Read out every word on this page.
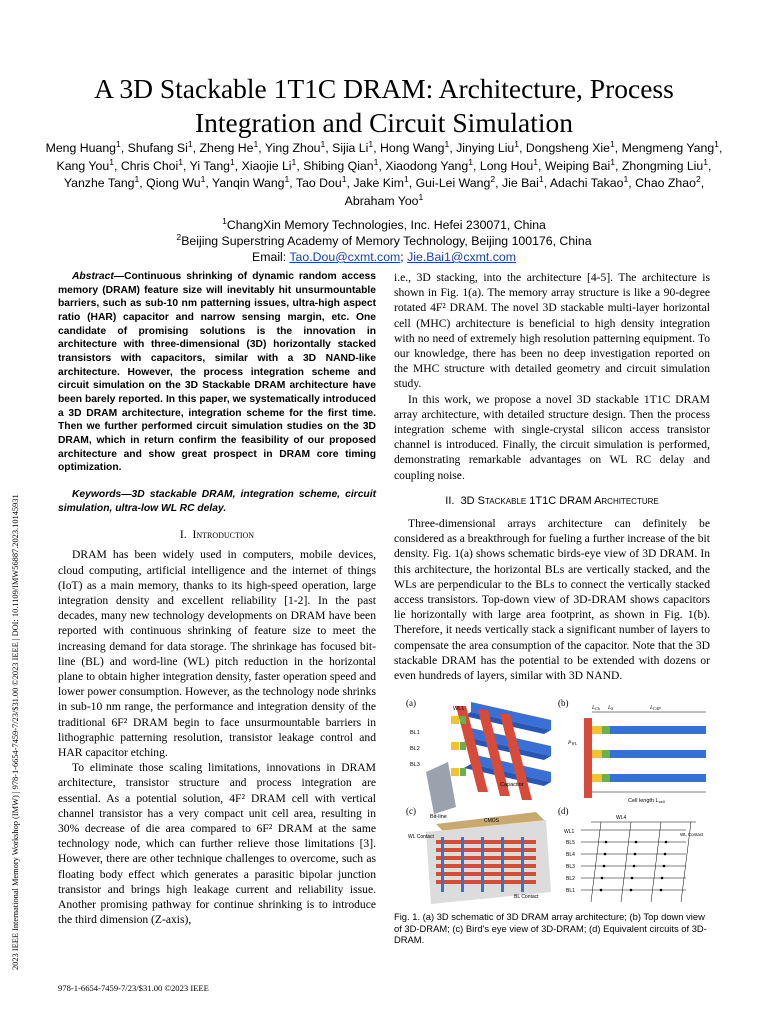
2023 IEEE International Memory Workshop (IMW) | 978-1-6654-7459-7/23/$31.00 ©2023 IEEE | DOI: 10.1109/IMW56887.2023.10145931
A 3D Stackable 1T1C DRAM: Architecture, Process Integration and Circuit Simulation
Meng Huang$^1$, Shufang Si$^1$, Zheng He$^1$, Ying Zhou$^1$, Sijia Li$^1$, Hong Wang$^1$, Jinying Liu$^1$, Dongsheng Xie$^1$, Mengmeng Yang$^1$, Kang You$^1$, Chris Choi$^1$, Yi Tang$^1$, Xiaojie Li$^1$, Shibing Qian$^1$, Xiaodong Yang$^1$, Long Hou$^1$, Weiping Bai$^1$, Zhongming Liu$^1$, Yanzhe Tang$^1$, Qiong Wu$^1$, Yanqin Wang$^1$, Tao Dou$^1$, Jake Kim$^1$, Gui-Lei Wang$^2$, Jie Bai$^1$, Adachi Takao$^1$, Chao Zhao$^2$, Abraham Yoo$^1$
$^1$ChangXin Memory Technologies, Inc. Hefei 230071, China
$^2$Beijing Superstring Academy of Memory Technology, Beijing 100176, China
Email: Tao.Dou@cxmt.com; Jie.Bai1@cxmt.com

Abstract—Continuous shrinking of dynamic random access memory (DRAM) feature size will inevitably hit unsurmountable barriers, such as sub-10 nm patterning issues, ultra-high aspect ratio (HAR) capacitor and narrow sensing margin, etc. One candidate of promising solutions is the innovation in architecture with three-dimensional (3D) horizontally stacked transistors with capacitors, similar with a 3D NAND-like architecture. However, the process integration scheme and circuit simulation on the 3D Stackable DRAM architecture have been barely reported. In this paper, we systematically introduced a 3D DRAM architecture, integration scheme for the first time. Then we further performed circuit simulation studies on the 3D DRAM, which in return confirm the feasibility of our proposed architecture and show great prospect in DRAM core timing optimization.

Keywords—3D stackable DRAM, integration scheme, circuit simulation, ultra-low WL RC delay.

I. Introduction

DRAM has been widely used in computers, mobile devices, cloud computing, artificial intelligence and the internet of things (IoT) as a main memory, thanks to its high-speed operation, large integration density and excellent reliability [1-2]. In the past decades, many new technology developments on DRAM have been reported with continuous shrinking of feature size to meet the increasing demand for data storage. The shrinkage has focused bit-line (BL) and word-line (WL) pitch reduction in the horizontal plane to obtain higher integration density, faster operation speed and lower power consumption. However, as the technology node shrinks in sub-10 nm range, the performance and integration density of the traditional 6F² DRAM begin to face unsurmountable barriers in lithographic patterning resolution, transistor leakage control and HAR capacitor etching.

To eliminate those scaling limitations, innovations in DRAM architecture, transistor structure and process integration are essential. As a potential solution, 4F² DRAM cell with vertical channel transistor has a very compact unit cell area, resulting in 30% decrease of die area compared to 6F² DRAM at the same technology node, which can further relieve those limitations [3]. However, there are other technique challenges to overcome, such as floating body effect which generates a parasitic bipolar junction transistor and brings high leakage current and reliability issue. Another promising pathway for continue shrinking is to introduce the third dimension (Z-axis),

i.e., 3D stacking, into the architecture [4-5]. The architecture is shown in Fig. 1(a). The memory array structure is like a 90-degree rotated 4F² DRAM. The novel 3D stackable multi-layer horizontal cell (MHC) architecture is beneficial to high density integration with no need of extremely high resolution patterning equipment. To our knowledge, there has been no deep investigation reported on the MHC structure with detailed geometry and circuit simulation study.

In this work, we propose a novel 3D stackable 1T1C DRAM array architecture, with detailed structure design. Then the process integration scheme with single-crystal silicon access transistor channel is introduced. Finally, the circuit simulation is performed, demonstrating remarkable advantages on WL RC delay and coupling noise.

II. 3D Stackable 1T1C DRAM Architecture

Three-dimensional arrays architecture can definitely be considered as a breakthrough for fueling a further increase of the bit density. Fig. 1(a) shows schematic birds-eye view of 3D DRAM. In this architecture, the horizontal BLs are vertically stacked, and the WLs are perpendicular to the BLs to connect the vertically stacked access transistors. Top-down view of 3D-DRAM shows capacitors lie horizontally with large area footprint, as shown in Fig. 1(b). Therefore, it needs vertically stack a significant number of layers to compensate the area consumption of the capacitor. Note that the 3D stackable DRAM has the potential to be extended with dozens or even hundreds of layers, similar with 3D NAND.

(a)
WL1
BL1
BL2
BL3
Capacitor
Bit-line
(b)	LCh LS	LCAP
PWL
Cell length Lcell
(c)
CMOS
WL Contact
BL Contact
(d)
WL4
WL1	WL Contact
BL5
BL4
BL3
BL2
BL1
Fig. 1. (a) 3D schematic of 3D DRAM array architecture; (b) Top down view of 3D-DRAM; (c) Bird's eye view of 3D-DRAM; (d) Equivalent circuits of 3D-DRAM.
978-1-6654-7459-7/23/$31.00 ©2023 IEEE
